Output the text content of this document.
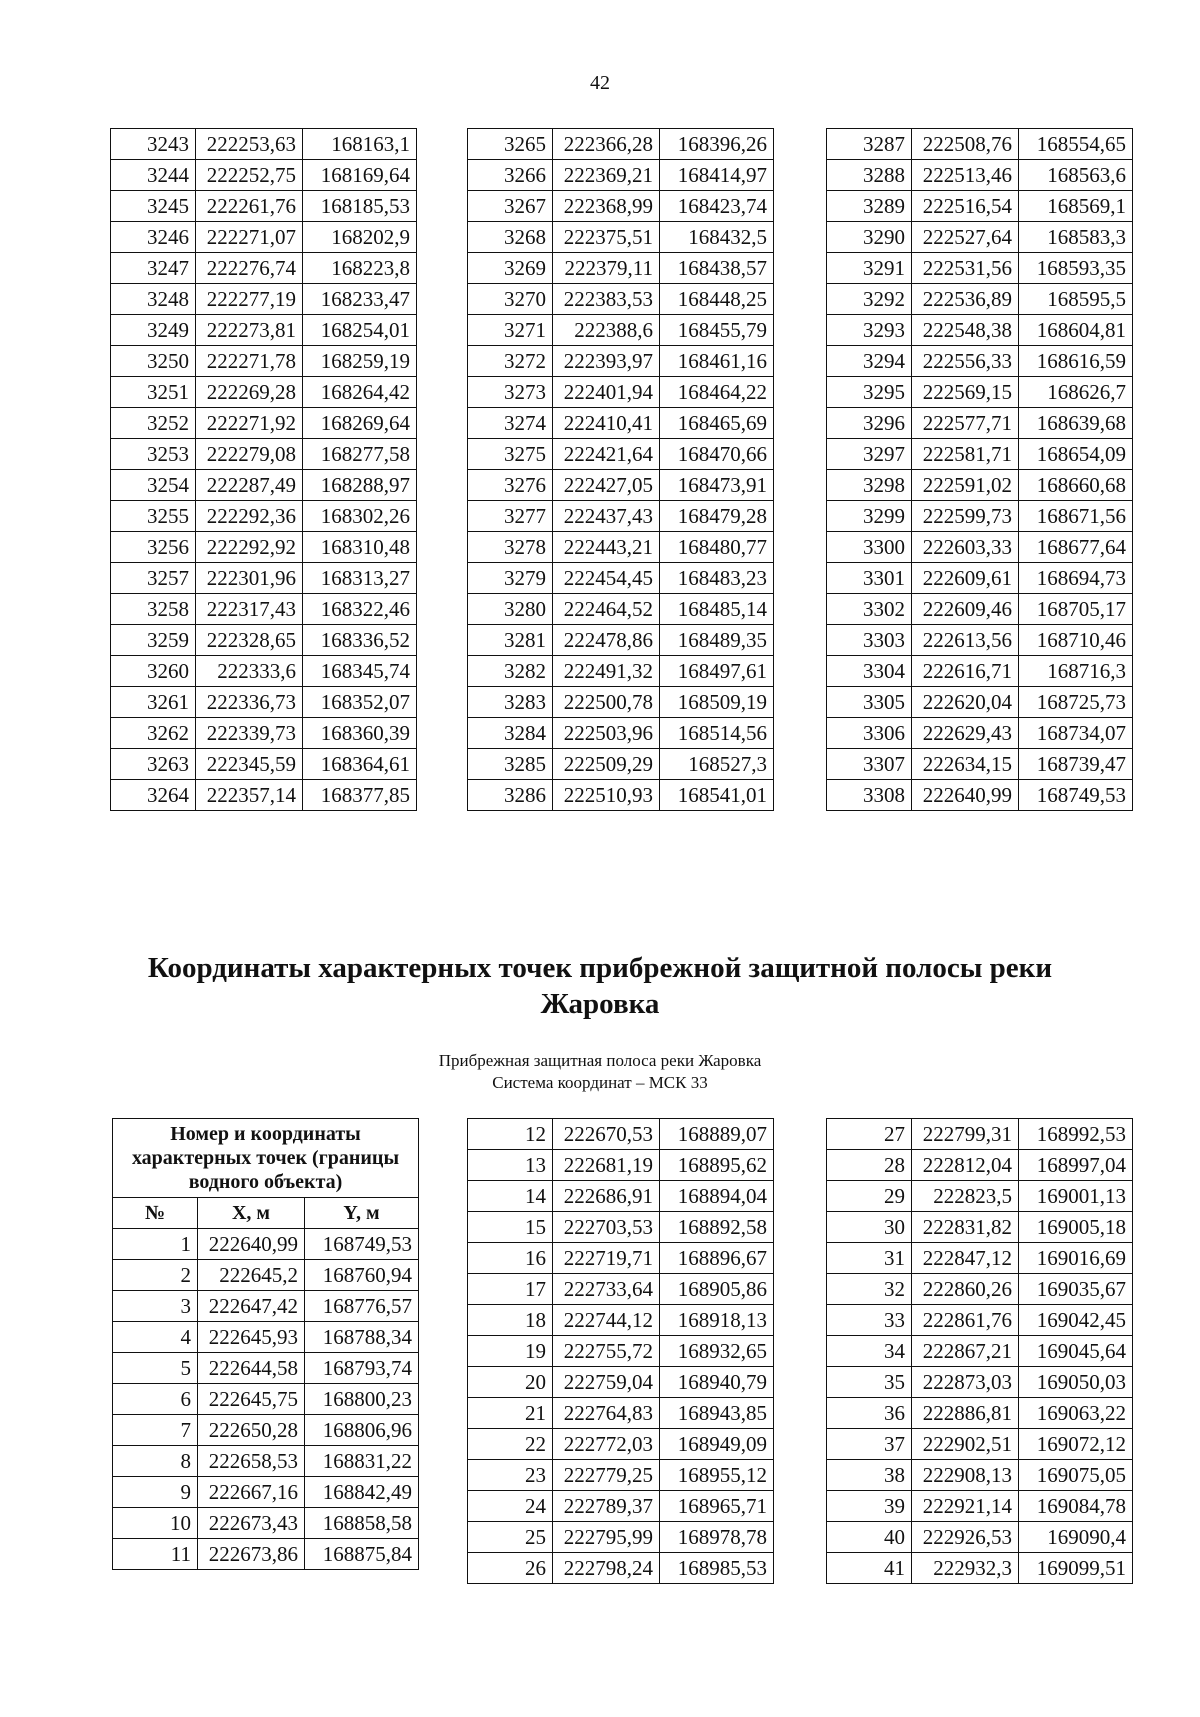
42
3243	222253,63	168163,1
3244	222252,75	168169,64
3245	222261,76	168185,53
3246	222271,07	168202,9
3247	222276,74	168223,8
3248	222277,19	168233,47
3249	222273,81	168254,01
3250	222271,78	168259,19
3251	222269,28	168264,42
3252	222271,92	168269,64
3253	222279,08	168277,58
3254	222287,49	168288,97
3255	222292,36	168302,26
3256	222292,92	168310,48
3257	222301,96	168313,27
3258	222317,43	168322,46
3259	222328,65	168336,52
3260	222333,6	168345,74
3261	222336,73	168352,07
3262	222339,73	168360,39
3263	222345,59	168364,61
3264	222357,14	168377,85
3265	222366,28	168396,26
3266	222369,21	168414,97
3267	222368,99	168423,74
3268	222375,51	168432,5
3269	222379,11	168438,57
3270	222383,53	168448,25
3271	222388,6	168455,79
3272	222393,97	168461,16
3273	222401,94	168464,22
3274	222410,41	168465,69
3275	222421,64	168470,66
3276	222427,05	168473,91
3277	222437,43	168479,28
3278	222443,21	168480,77
3279	222454,45	168483,23
3280	222464,52	168485,14
3281	222478,86	168489,35
3282	222491,32	168497,61
3283	222500,78	168509,19
3284	222503,96	168514,56
3285	222509,29	168527,3
3286	222510,93	168541,01
3287	222508,76	168554,65
3288	222513,46	168563,6
3289	222516,54	168569,1
3290	222527,64	168583,3
3291	222531,56	168593,35
3292	222536,89	168595,5
3293	222548,38	168604,81
3294	222556,33	168616,59
3295	222569,15	168626,7
3296	222577,71	168639,68
3297	222581,71	168654,09
3298	222591,02	168660,68
3299	222599,73	168671,56
3300	222603,33	168677,64
3301	222609,61	168694,73
3302	222609,46	168705,17
3303	222613,56	168710,46
3304	222616,71	168716,3
3305	222620,04	168725,73
3306	222629,43	168734,07
3307	222634,15	168739,47
3308	222640,99	168749,53
Координаты характерных точек прибрежной защитной полосы реки
Жаровка
Прибрежная защитная полоса реки Жаровка
Система координат – МСК 33
Номер и координаты характерных точек (границы водного объекта)		
№	X, м	Y, м
1	222640,99	168749,53
2	222645,2	168760,94
3	222647,42	168776,57
4	222645,93	168788,34
5	222644,58	168793,74
6	222645,75	168800,23
7	222650,28	168806,96
8	222658,53	168831,22
9	222667,16	168842,49
10	222673,43	168858,58
11	222673,86	168875,84
12	222670,53	168889,07
13	222681,19	168895,62
14	222686,91	168894,04
15	222703,53	168892,58
16	222719,71	168896,67
17	222733,64	168905,86
18	222744,12	168918,13
19	222755,72	168932,65
20	222759,04	168940,79
21	222764,83	168943,85
22	222772,03	168949,09
23	222779,25	168955,12
24	222789,37	168965,71
25	222795,99	168978,78
26	222798,24	168985,53
27	222799,31	168992,53
28	222812,04	168997,04
29	222823,5	169001,13
30	222831,82	169005,18
31	222847,12	169016,69
32	222860,26	169035,67
33	222861,76	169042,45
34	222867,21	169045,64
35	222873,03	169050,03
36	222886,81	169063,22
37	222902,51	169072,12
38	222908,13	169075,05
39	222921,14	169084,78
40	222926,53	169090,4
41	222932,3	169099,51
